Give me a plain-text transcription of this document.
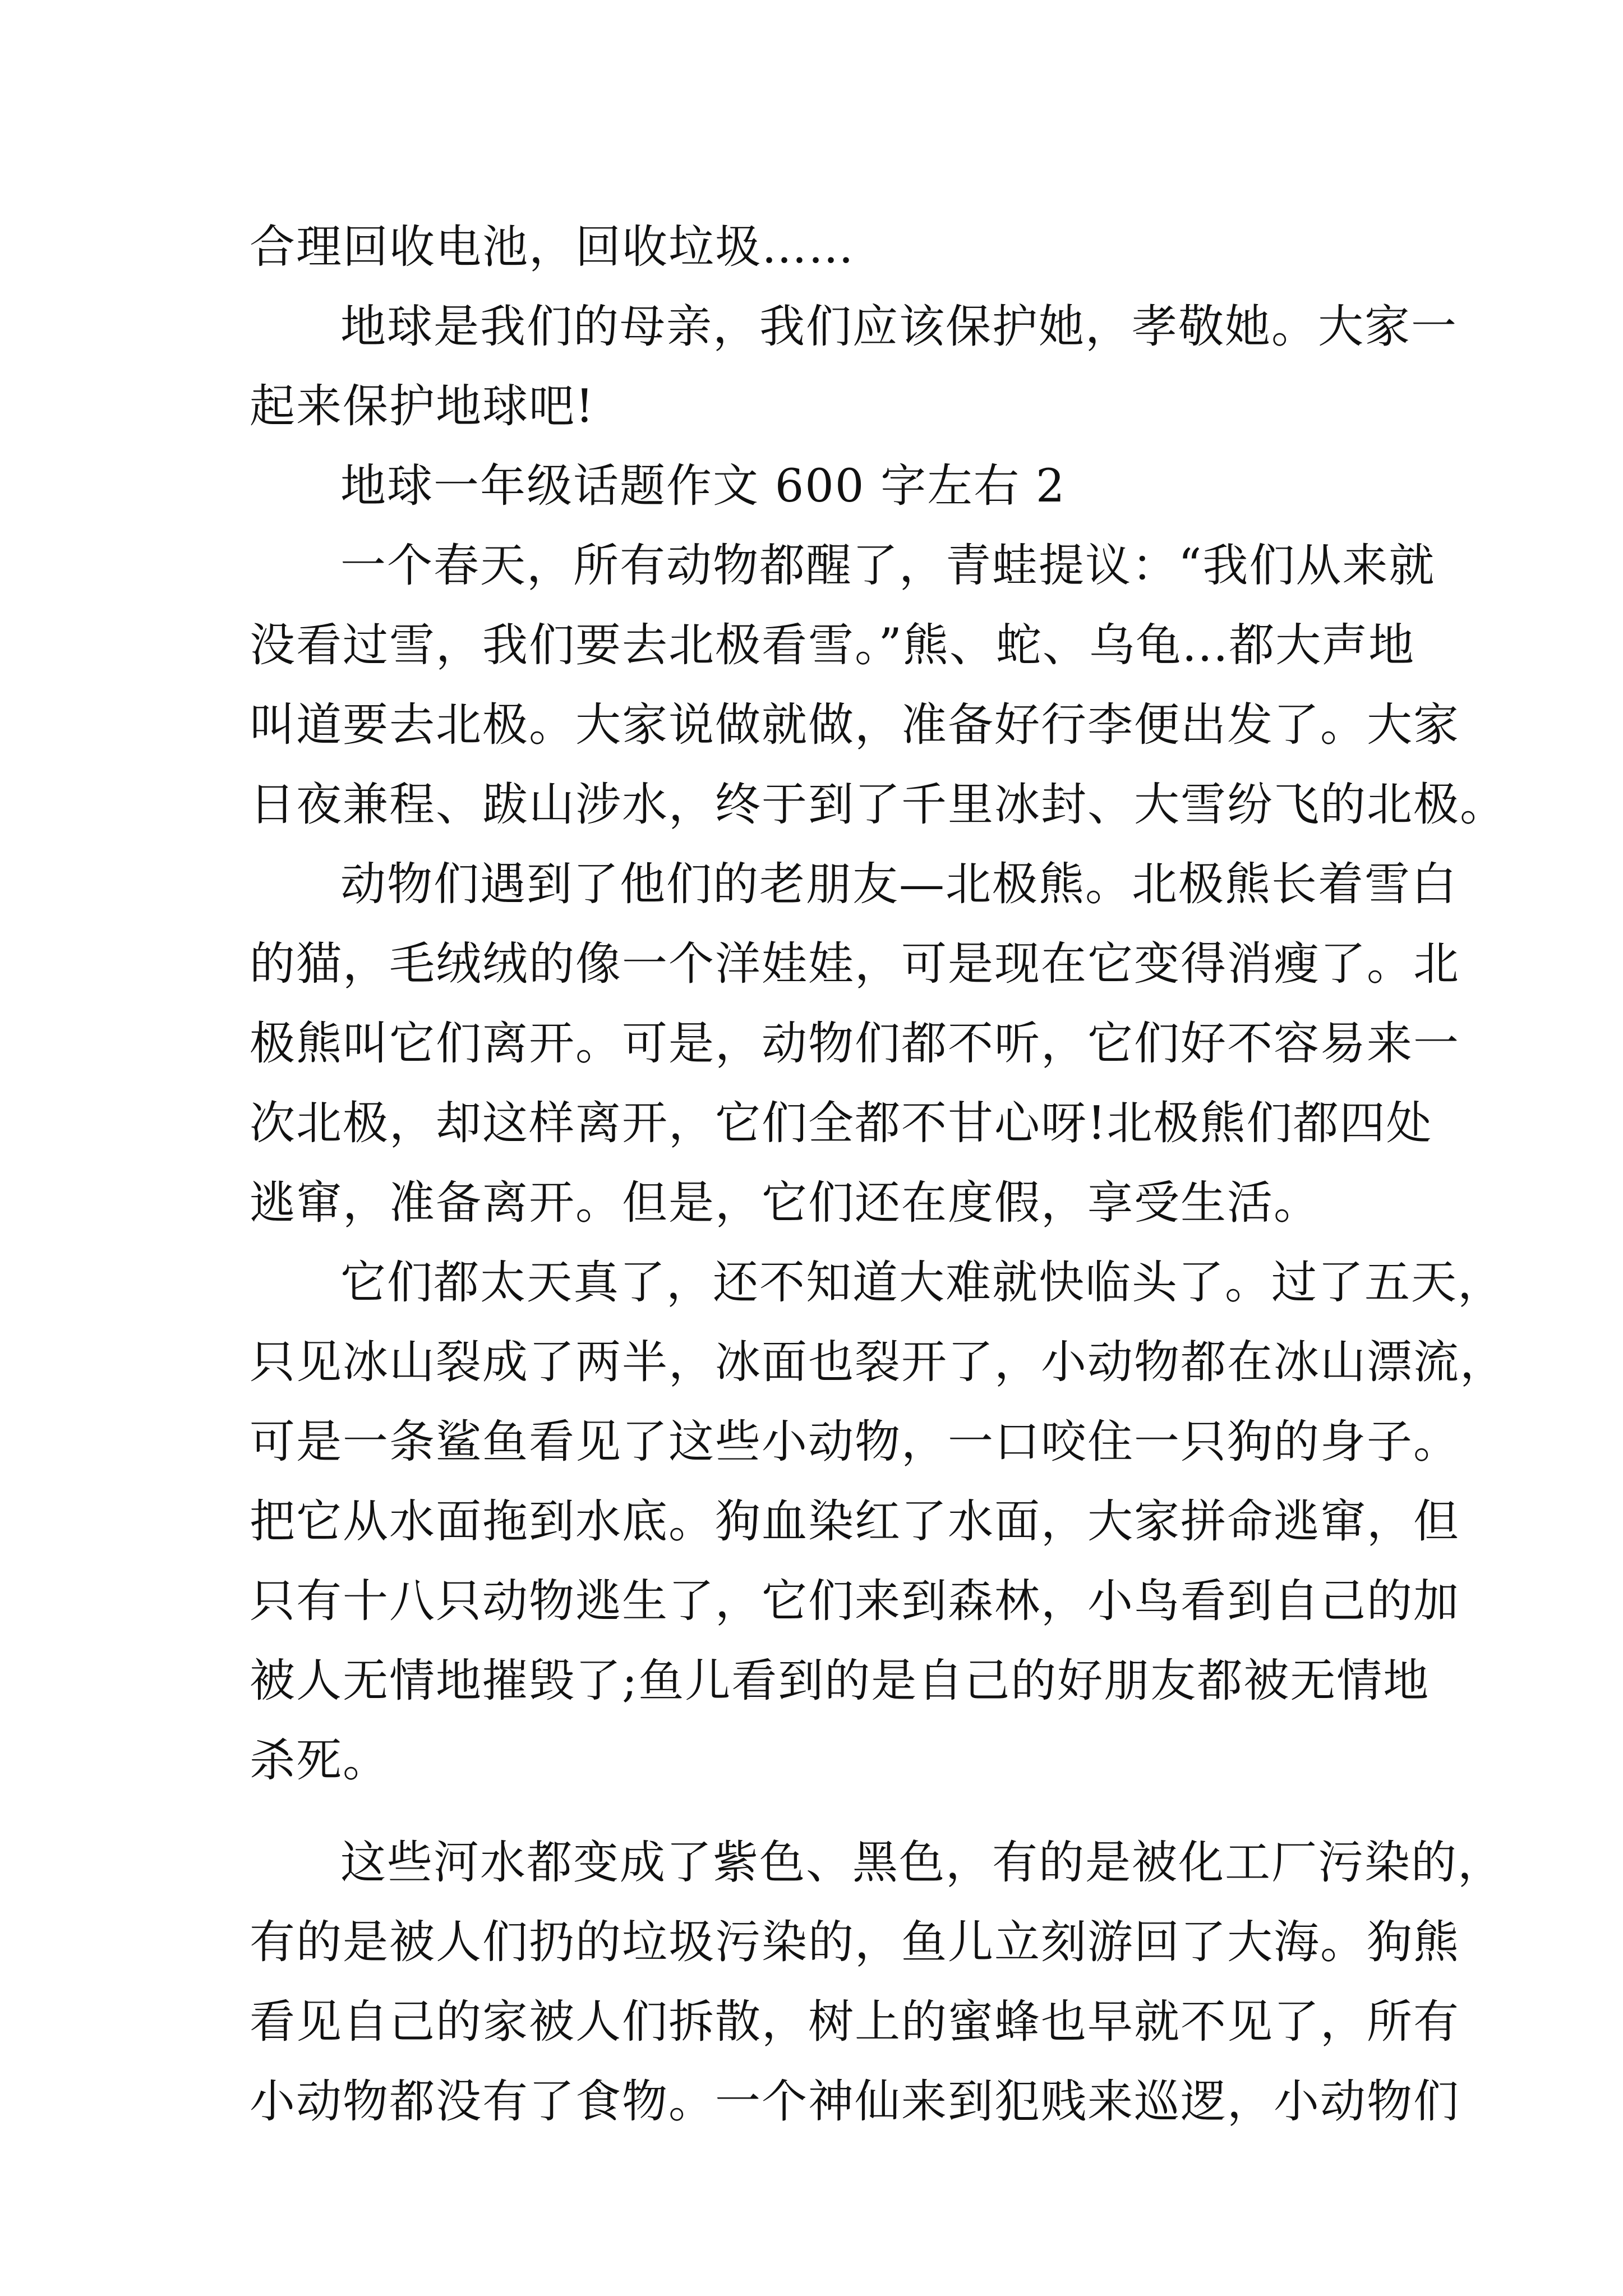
合理回收电池，回收垃圾……
地球是我们的母亲，我们应该保护她，孝敬她。大家一
起来保护地球吧!
地球一年级话题作文 600 字左右 2
一个春天，所有动物都醒了，青蛙提议：“我们从来就
没看过雪，我们要去北极看雪。”熊、蛇、乌龟...都大声地
叫道要去北极。大家说做就做，准备好行李便出发了。大家
日夜兼程、跋山涉水，终于到了千里冰封、大雪纷飞的北极。
动物们遇到了他们的老朋友—北极熊。北极熊长着雪白
的猫，毛绒绒的像一个洋娃娃，可是现在它变得消瘦了。北
极熊叫它们离开。可是，动物们都不听，它们好不容易来一
次北极，却这样离开，它们全都不甘心呀!北极熊们都四处
逃窜，准备离开。但是，它们还在度假，享受生活。
它们都太天真了，还不知道大难就快临头了。过了五天，
只见冰山裂成了两半，冰面也裂开了，小动物都在冰山漂流，
可是一条鲨鱼看见了这些小动物，一口咬住一只狗的身子。
把它从水面拖到水底。狗血染红了水面，大家拼命逃窜，但
只有十八只动物逃生了，它们来到森林，小鸟看到自己的加
被人无情地摧毁了;鱼儿看到的是自己的好朋友都被无情地
杀死。
这些河水都变成了紫色、黑色，有的是被化工厂污染的，
有的是被人们扔的垃圾污染的，鱼儿立刻游回了大海。狗熊
看见自己的家被人们拆散，树上的蜜蜂也早就不见了，所有
小动物都没有了食物。一个神仙来到犯贱来巡逻，小动物们
